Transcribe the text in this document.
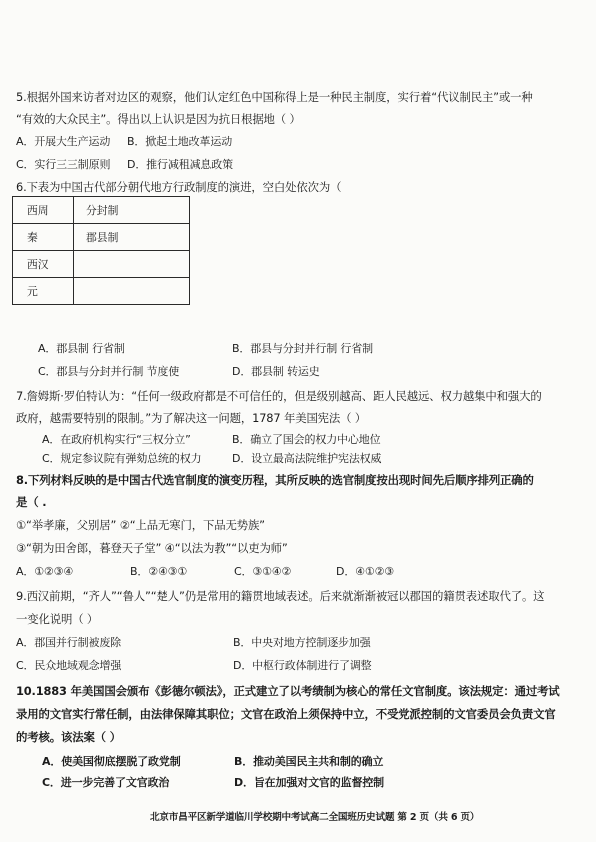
5.根据外国来访者对边区的观察，他们认定红色中国称得上是一种民主制度，实行着“代议制民主”或一种
“有效的大众民主”。得出以上认识是因为抗日根据地（ ）
A．开展大生产运动 B．掀起土地改革运动
C．实行三三制原则 D．推行减租减息政策
6.下表为中国古代部分朝代地方行政制度的演进，空白处依次为（
西周	分封制
秦	郡县制
西汉	
元	
A．郡县制 行省制	B．郡县与分封并行制 行省制
C．郡县与分封并行制 节度使	D．郡县制 转运史
7.詹姆斯·罗伯特认为：“任何一级政府都是不可信任的，但是级别越高、距人民越远、权力越集中和强大的
政府，越需要特别的限制。”为了解决这一问题，1787 年美国宪法（ ）
A．在政府机构实行“三权分立”	B．确立了国会的权力中心地位
C．规定参议院有弹劾总统的权力	D．设立最高法院维护宪法权威
8.下列材料反映的是中国古代选官制度的演变历程，其所反映的选官制度按出现时间先后顺序排列正确的
是（ .
①“举孝廉，父别居” ②“上品无寒门，下品无势族”
③“朝为田舍郎，暮登天子堂” ④“以法为教”“以吏为师”
A．①②③④	B．②④③①	C．③①④②	D．④①②③
9.西汉前期，“齐人”“鲁人”“楚人”仍是常用的籍贯地域表述。后来就渐渐被冠以郡国的籍贯表述取代了。这
一变化说明（ ）
A．郡国并行制被废除	B．中央对地方控制逐步加强
C．民众地域观念增强	D．中枢行政体制进行了调整
10.1883 年美国国会颁布《彭德尔顿法》，正式建立了以考绩制为核心的常任文官制度。该法规定：通过考试
录用的文官实行常任制，由法律保障其职位；文官在政治上须保持中立，不受党派控制的文官委员会负责文官
的考核。该法案（ ）
A．使美国彻底摆脱了政党制	B．推动美国民主共和制的确立
C．进一步完善了文官政治	D．旨在加强对文官的监督控制
北京市昌平区新学道临川学校期中考试高二全国班历史试题 第 2 页（共 6 页）
